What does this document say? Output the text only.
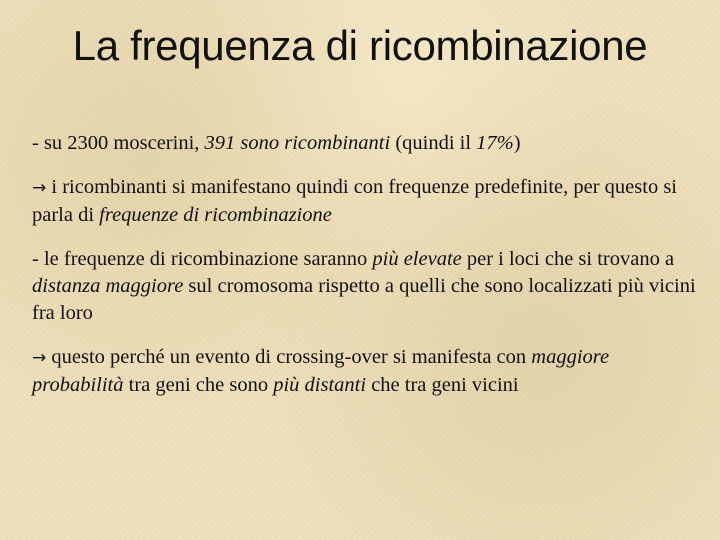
La frequenza di ricombinazione

- su 2300 moscerini, 391 sono ricombinanti (quindi il 17%)

→ i ricombinanti si manifestano quindi con frequenze predefinite, per questo si parla di frequenze di ricombinazione

- le frequenze di ricombinazione saranno più elevate per i loci che si trovano a distanza maggiore sul cromosoma rispetto a quelli che sono localizzati più vicini fra loro

→ questo perché un evento di crossing-over si manifesta con maggiore probabilità tra geni che sono più distanti che tra geni vicini
